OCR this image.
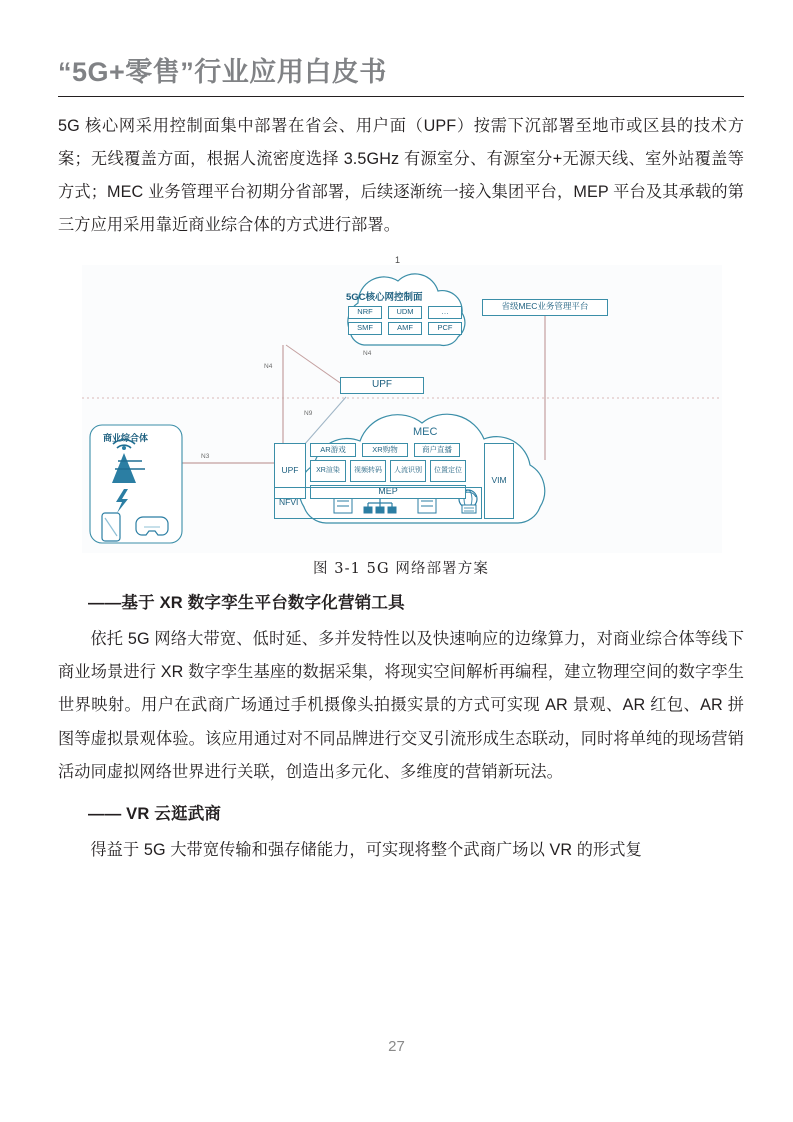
“5G+零售”行业应用白皮书
5G 核心网采用控制面集中部署在省会、用户面（UPF）按需下沉部署至地市或区县的技术方案；无线覆盖方面，根据人流密度选择 3.5GHz 有源室分、有源室分+无源天线、室外站覆盖等方式；MEC 业务管理平台初期分省部署，后续逐渐统一接入集团平台，MEP 平台及其承载的第三方应用采用靠近商业综合体的方式进行部署。
1
5GC核心网控制面
NRF	UDM	…
SMF	AMF	PCF
省级MEC业务管理平台
UPF
N4
N4
N9
N3
商业综合体	MEC
UPF
VIM
AR游戏	XR购物	商户直播
XR渲染	视频转码	人流识别	位置定位
MEP
NFVI
图 3-1 5G 网络部署方案
——基于 XR 数字孪生平台数字化营销工具
依托 5G 网络大带宽、低时延、多并发特性以及快速响应的边缘算力，对商业综合体等线下商业场景进行 XR 数字孪生基座的数据采集，将现实空间解析再编程，建立物理空间的数字孪生世界映射。用户在武商广场通过手机摄像头拍摄实景的方式可实现 AR 景观、AR 红包、AR 拼图等虚拟景观体验。该应用通过对不同品牌进行交叉引流形成生态联动，同时将单纯的现场营销活动同虚拟网络世界进行关联，创造出多元化、多维度的营销新玩法。
—— VR 云逛武商
得益于 5G 大带宽传输和强存储能力，可实现将整个武商广场以 VR 的形式复
27
